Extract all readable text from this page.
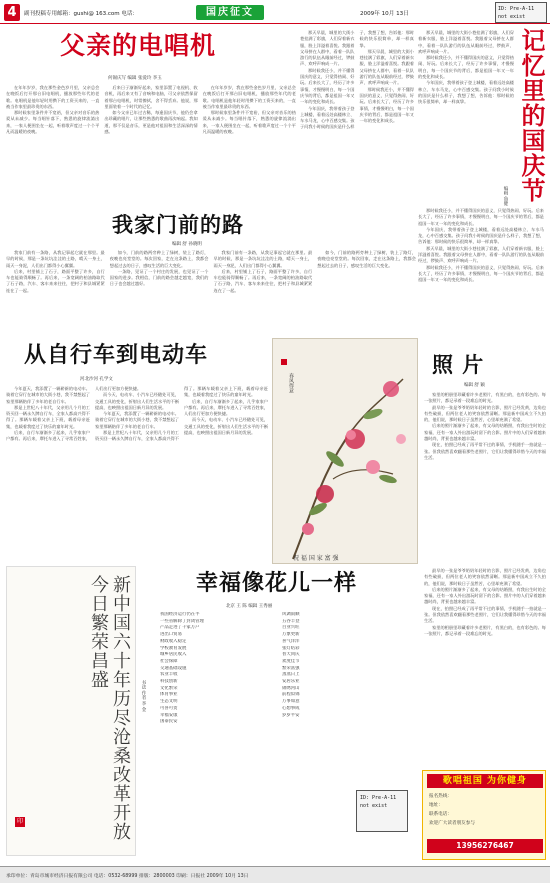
4	副刊投稿专用邮箱：gushi@ 163.com 电话：	国庆征文	2009年 10月 13日
ID: Pre-A-11
not exist
父亲的电唱机
何锡庆写 编辑 张爱玲 李玉

在年年岁岁，我在那些金色岁月里，父亲总会在晚饭后打开那台旧电唱机，播放那些年代的老歌。电唱机是他年轻时用攒下的工资买来的，一直被当作家里最珍贵的东西。

那时候家里条件并不宽裕，但父亲对音乐的热爱从未减少。每当唱针落下，熟悉的旋律流淌出来，一家人便围坐在一起，听着歌声度过一个个平凡而温暖的夜晚。

后来日子渐渐好起来，家里添置了电视机、收音机，再后来又有了音响和电脑，可父亲依然保留着那台电唱机，时常擦拭，舍不得丢弃。他说，那里面装着一个时代的记忆。

如今父亲已年过古稀，每逢国庆节，他仍会拿出珍藏的唱片，让那些熟悉的歌曲再次响起。我知道，那不仅是音乐，更是他对祖国和生活深深的情感。

在年年岁岁，我在那些金色岁月里，父亲总会在晚饭后打开那台旧电唱机，播放那些年代的老歌。电唱机是他年轻时用攒下的工资买来的，一直被当作家里最珍贵的东西。

那时候家里条件并不宽裕，但父亲对音乐的热爱从未减少。每当唱针落下，熟悉的旋律流淌出来，一家人便围坐在一起，听着歌声度过一个个平凡而温暖的夜晚。

那天早晨，城里的大街小巷挂满了彩旗，人们穿着新衣服，脸上洋溢着喜悦。我跟着父母挤在人群中，看着一队队游行的队伍从眼前经过，锣鼓声、欢呼声响成一片。

那时候我还小，并不懂得国庆的意义，只觉得热闹、好玩。后来长大了，经历了许多事情，才慢慢明白，每一个国庆节的背后，都是祖国一年又一年的变化和成长。

今年国庆，我带着孩子登上城楼，看着远处高楼林立、车水马龙，心中百感交集。孩子问我小时候的国庆是什么样子，我想了想，告诉他：那时候的快乐很简单，却一样真挚。

那天早晨，城里的大街小巷挂满了彩旗，人们穿着新衣服，脸上洋溢着喜悦。我跟着父母挤在人群中，看着一队队游行的队伍从眼前经过，锣鼓声、欢呼声响成一片。

那时候我还小，并不懂得国庆的意义，只觉得热闹、好玩。后来长大了，经历了许多事情，才慢慢明白，每一个国庆节的背后，都是祖国一年又一年的变化和成长。	记忆里的国庆节
编辑 鲁健

那天早晨，城里的大街小巷挂满了彩旗，人们穿着新衣服，脸上洋溢着喜悦。我跟着父母挤在人群中，看着一队队游行的队伍从眼前经过，锣鼓声、欢呼声响成一片。

那时候我还小，并不懂得国庆的意义，只觉得热闹、好玩。后来长大了，经历了许多事情，才慢慢明白，每一个国庆节的背后，都是祖国一年又一年的变化和成长。

今年国庆，我带着孩子登上城楼，看着远处高楼林立、车水马龙，心中百感交集。孩子问我小时候的国庆是什么样子，我想了想，告诉他：那时候的快乐很简单，却一样真挚。

那时候我还小，并不懂得国庆的意义，只觉得热闹、好玩。后来长大了，经历了许多事情，才慢慢明白，每一个国庆节的背后，都是祖国一年又一年的变化和成长。

今年国庆，我带着孩子登上城楼，看着远处高楼林立、车水马龙，心中百感交集。孩子问我小时候的国庆是什么样子，我想了想，告诉他：那时候的快乐很简单，却一样真挚。

那天早晨，城里的大街小巷挂满了彩旗，人们穿着新衣服，脸上洋溢着喜悦。我跟着父母挤在人群中，看着一队队游行的队伍从眼前经过，锣鼓声、欢呼声响成一片。

那时候我还小，并不懂得国庆的意义，只觉得热闹、好玩。后来长大了，经历了许多事情，才慢慢明白，每一个国庆节的背后，都是祖国一年又一年的变化和成长。

我家门前的路
编辑 舒 孙晓明

我家门前有一条路，从我记事起它就在那里。最早的时候，那是一条坑坑洼洼的土路，晴天一身土，雨天一身泥，人们出门都得小心翼翼。

后来，村里铺上了石子，路面平整了许多，自行车也能骑得顺畅了。再后来，一条宽阔的柏油路取代了石子路，汽车、客车来来往往，把村子和县城紧紧连在了一起。

如今，门前的路两旁种上了绿树，装上了路灯，夜晚也亮堂堂的。每次回家，走在这条路上，我都会想起过去的日子，感叹生活的巨大变化。

一条路，见证了一个村庄的发展，也见证了一个国家的进步。我相信，门前的路会越走越宽，我们的日子也会越过越好。

我家门前有一条路，从我记事起它就在那里。最早的时候，那是一条坑坑洼洼的土路，晴天一身土，雨天一身泥，人们出门都得小心翼翼。

后来，村里铺上了石子，路面平整了许多，自行车也能骑得顺畅了。再后来，一条宽阔的柏油路取代了石子路，汽车、客车来来往往，把村子和县城紧紧连在了一起。

如今，门前的路两旁种上了绿树，装上了路灯，夜晚也亮堂堂的。每次回家，走在这条路上，我都会想起过去的日子，感叹生活的巨大变化。

从自行车到电动车
河北沙河 孔学文

今年夏天，我添置了一辆崭新的电动车。骑着它穿行在城市的大街小巷，我不禁想起了家里那辆陪伴了多年的老自行车。

那是上世纪八十年代，父亲用几个月的工资买回一辆永久牌自行车，全家人都高兴得不得了。那辆车载着父亲上下班，载着母亲赶集，也载着我度过了快乐的童年时光。

后来，自行车渐渐多了起来，几乎家家户户都有。再后来，摩托车进入了寻常百姓家，人们出行更加方便快捷。

而今天，电动车、小汽车已经随处可见，交通工具的变化，折射出人们生活水平的不断提高，也映照出祖国日新月异的发展。

今年夏天，我添置了一辆崭新的电动车。骑着它穿行在城市的大街小巷，我不禁想起了家里那辆陪伴了多年的老自行车。

那是上世纪八十年代，父亲用几个月的工资买回一辆永久牌自行车，全家人都高兴得不得了。那辆车载着父亲上下班，载着母亲赶集，也载着我度过了快乐的童年时光。

后来，自行车渐渐多了起来，几乎家家户户都有。再后来，摩托车进入了寻常百姓家，人们出行更加方便快捷。

而今天，电动车、小汽车已经随处可见，交通工具的变化，折射出人们生活水平的不断提高，也映照出祖国日新月异的发展。

春风得意
祝 福 国 家 富 强
照 片
编辑 舒 颖

家里的相册里珍藏着许多老照片，有黑白的，也有彩色的。每一张照片，都记录着一段难忘的时光。

最早的一张是爷爷奶奶年轻时的合影，照片已经发黄，边角也有些破损，但两位老人的笑容依然清晰。那是新中国成立不久拍的，他们说，那时候日子虽然苦，心里却充满了希望。

后来的照片渐渐多了起来，有父母的结婚照，有我出生时的全家福，还有一家人外出游玩时留下的合影。照片中的人们穿着越来越时尚，背景也越来越丰富。

现在，拍照已经成了再平常不过的事情，手机随手一拍就是一张。但我依然喜欢翻看那些老照片，它们让我懂得珍惜今天的幸福生活。

新中国六十年历尽沧桑改革开放今日繁荣昌盛
印
书法 作者 李 金
幸福像花儿一样
北京 王 陈 编辑 王秀丽
我国经济运行仍在半
一些省解除了封闭管理
产品走进了千家万户
进出口贸易
财政收入稳定
学校教育发展
城乡居民收入
社会保障
交通基础设施
农业丰收
科技创新
文化繁荣
体育事业
生态文明
可喜可贺
幸福安康
国泰民安
风调雨顺
五谷丰登
百业兴旺
万象更新
喜气洋洋
张灯结彩
普天同庆
欢度佳节
繁荣富强
蒸蒸日上
安居乐业
锦绣河山
前程似锦
万事如意
心想事成
岁岁平安
ID: Pre-A-11
not exist

最早的一张是爷爷奶奶年轻时的合影，照片已经发黄，边角也有些破损，但两位老人的笑容依然清晰。那是新中国成立不久拍的，他们说，那时候日子虽然苦，心里却充满了希望。

后来的照片渐渐多了起来，有父母的结婚照，有我出生时的全家福，还有一家人外出游玩时留下的合影。照片中的人们穿着越来越时尚，背景也越来越丰富。

现在，拍照已经成了再平常不过的事情，手机随手一拍就是一张。但我依然喜欢翻看那些老照片，它们让我懂得珍惜今天的幸福生活。

家里的相册里珍藏着许多老照片，有黑白的，也有彩色的。每一张照片，都记录着一段难忘的时光。

歌唱祖国 为你健身
报名热线：
地址：
联系电话：
欢迎广大读者朋友参与
13956276467
承印单位：青岛市城市经济日报有限公司 电话：0532-68999 排版：2800003 印刷：日报社 2009年 10月 13日
